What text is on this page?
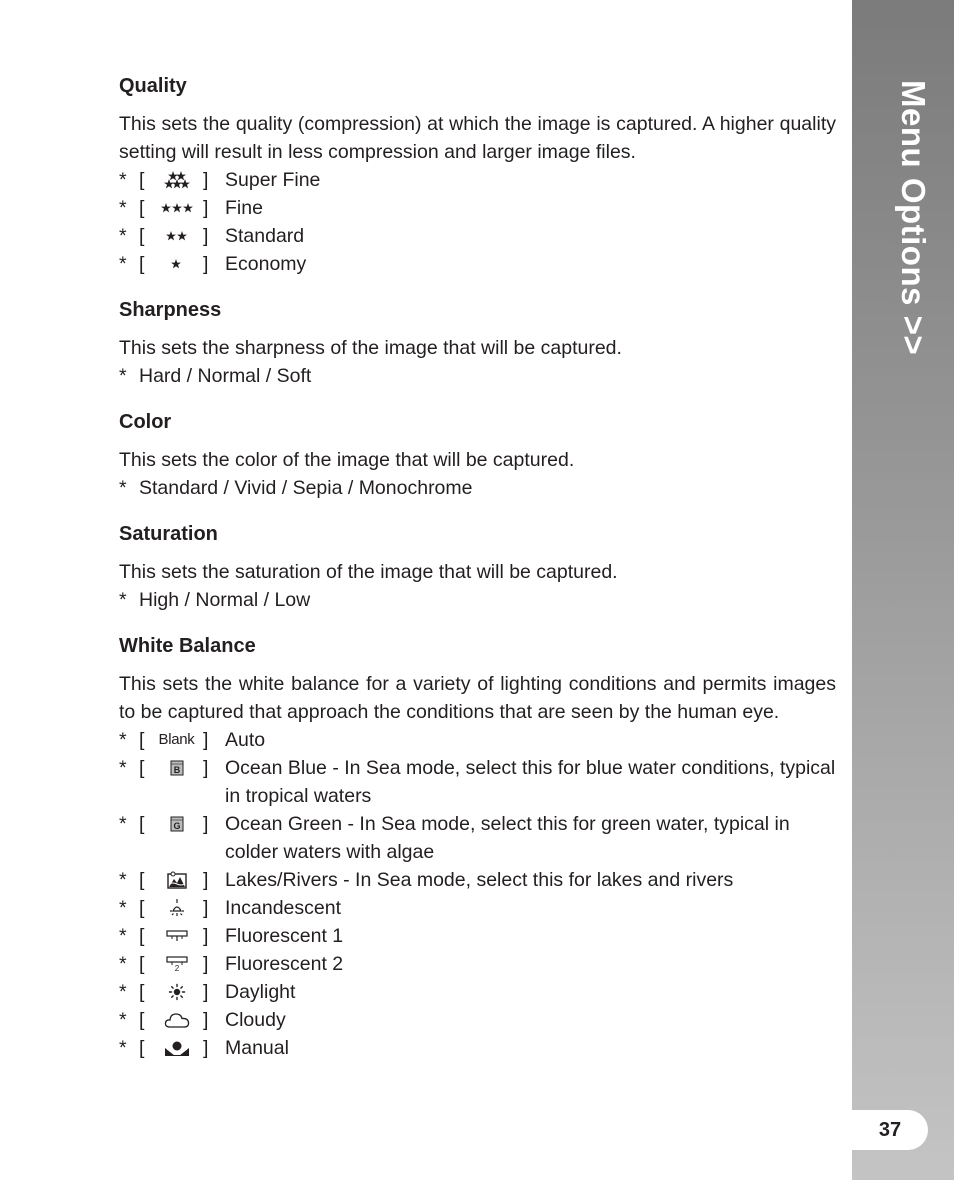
Menu Options >>
37
Quality

This sets the quality (compression) at which the image is captured. A higher quality setting will result in less compression and larger image files.

* [	] Super Fine
* [	] Fine
* [	] Standard
* [	] Economy
Sharpness

This sets the sharpness of the image that will be captured.

* Hard / Normal / Soft
Color

This sets the color of the image that will be captured.

* Standard / Vivid / Sepia / Monochrome
Saturation

This sets the saturation of the image that will be captured.

* High / Normal / Low
White Balance

This sets the white balance for a variety of lighting conditions and permits images to be captured that approach the conditions that are seen by the human eye.

* [ Blank ] Auto
* [	B ] Ocean Blue - In Sea mode, select this for blue water conditions, typical in tropical waters
* [	G ] Ocean Green - In Sea mode, select this for green water, typical in colder waters with algae
* [	] Lakes/Rivers - In Sea mode, select this for lakes and rivers
* [	] Incandescent
* [	] Fluorescent 1
* [	2 ] Fluorescent 2
* [	] Daylight
* [	] Cloudy
* [	] Manual
